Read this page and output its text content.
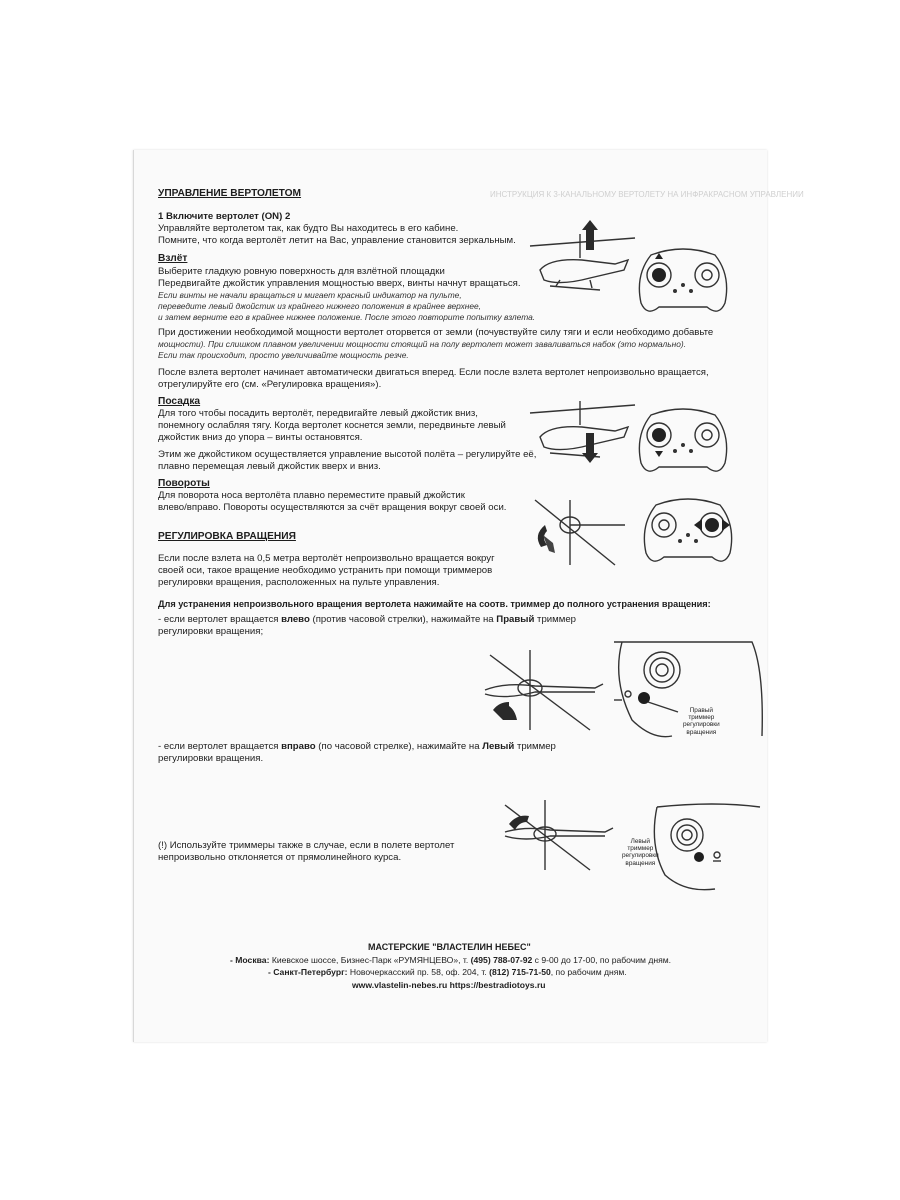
ИНСТРУКЦИЯ К 3-КАНАЛЬНОМУ ВЕРТОЛЕТУ НА ИНФРАКРАСНОМ УПРАВЛЕНИИ
УПРАВЛЕНИЕ ВЕРТОЛЕТОМ
1 Включите вертолет (ON) 2
Управляйте вертолетом так, как будто Вы находитесь в его кабине.
Помните, что когда вертолёт летит на Вас, управление становится зеркальным.
Взлёт
Выберите гладкую ровную поверхность для взлётной площадки
Передвигайте джойстик управления мощностью вверх, винты начнут вращаться.
Если винты не начали вращаться и мигает красный индикатор на пульте,
переведите левый джойстик из крайнего нижнего положения в крайнее верхнее,
и затем верните его в крайнее нижнее положение. После этого повторите попытку взлета.
При достижении необходимой мощности вертолет оторвется от земли (почувствуйте силу тяги и если необходимо добавьте
мощности). При слишком плавном увеличении мощности стоящий на полу вертолет может заваливаться набок (это нормально).
Если так происходит, просто увеличивайте мощность резче.
После взлета вертолет начинает автоматически двигаться вперед. Если после взлета вертолет непроизвольно вращается,
отрегулируйте его (см. «Регулировка вращения»).
Посадка
Для того чтобы посадить вертолёт, передвигайте левый джойстик вниз,
понемногу ослабляя тягу. Когда вертолет коснется земли, передвиньте левый
джойстик вниз до упора – винты остановятся.
Этим же джойстиком осуществляется управление высотой полёта – регулируйте её,
плавно перемещая левый джойстик вверх и вниз.
Повороты
Для поворота носа вертолёта плавно переместите правый джойстик
влево/вправо. Повороты осуществляются за счёт вращения вокруг своей оси.
РЕГУЛИРОВКА ВРАЩЕНИЯ
Если после взлета на 0,5 метра вертолёт непроизвольно вращается вокруг
своей оси, такое вращение необходимо устранить при помощи триммеров
регулировки вращения, расположенных на пульте управления.
Для устранения непроизвольного вращения вертолета нажимайте на соотв. триммер до полного устранения вращения:
- если вертолет вращается влево (против часовой стрелки), нажимайте на Правый триммер
регулировки вращения;
- если вертолет вращается вправо (по часовой стрелке), нажимайте на Левый триммер
регулировки вращения.
(!) Используйте триммеры также в случае, если в полете вертолет
непроизвольно отклоняется от прямолинейного курса.
МАСТЕРСКИЕ "ВЛАСТЕЛИН НЕБЕС"
- Москва: Киевское шоссе, Бизнес-Парк «РУМЯНЦЕВО», т. (495) 788-07-92 с 9-00 до 17-00, по рабочим дням.
- Санкт-Петербург: Новочеркасский пр. 58, оф. 204, т. (812) 715-71-50, по рабочим дням.
www.vlastelin-nebes.ru https://bestradiotoys.ru
Правый
триммер
регулировки
вращения
Левый
триммер
регулировки
вращения
